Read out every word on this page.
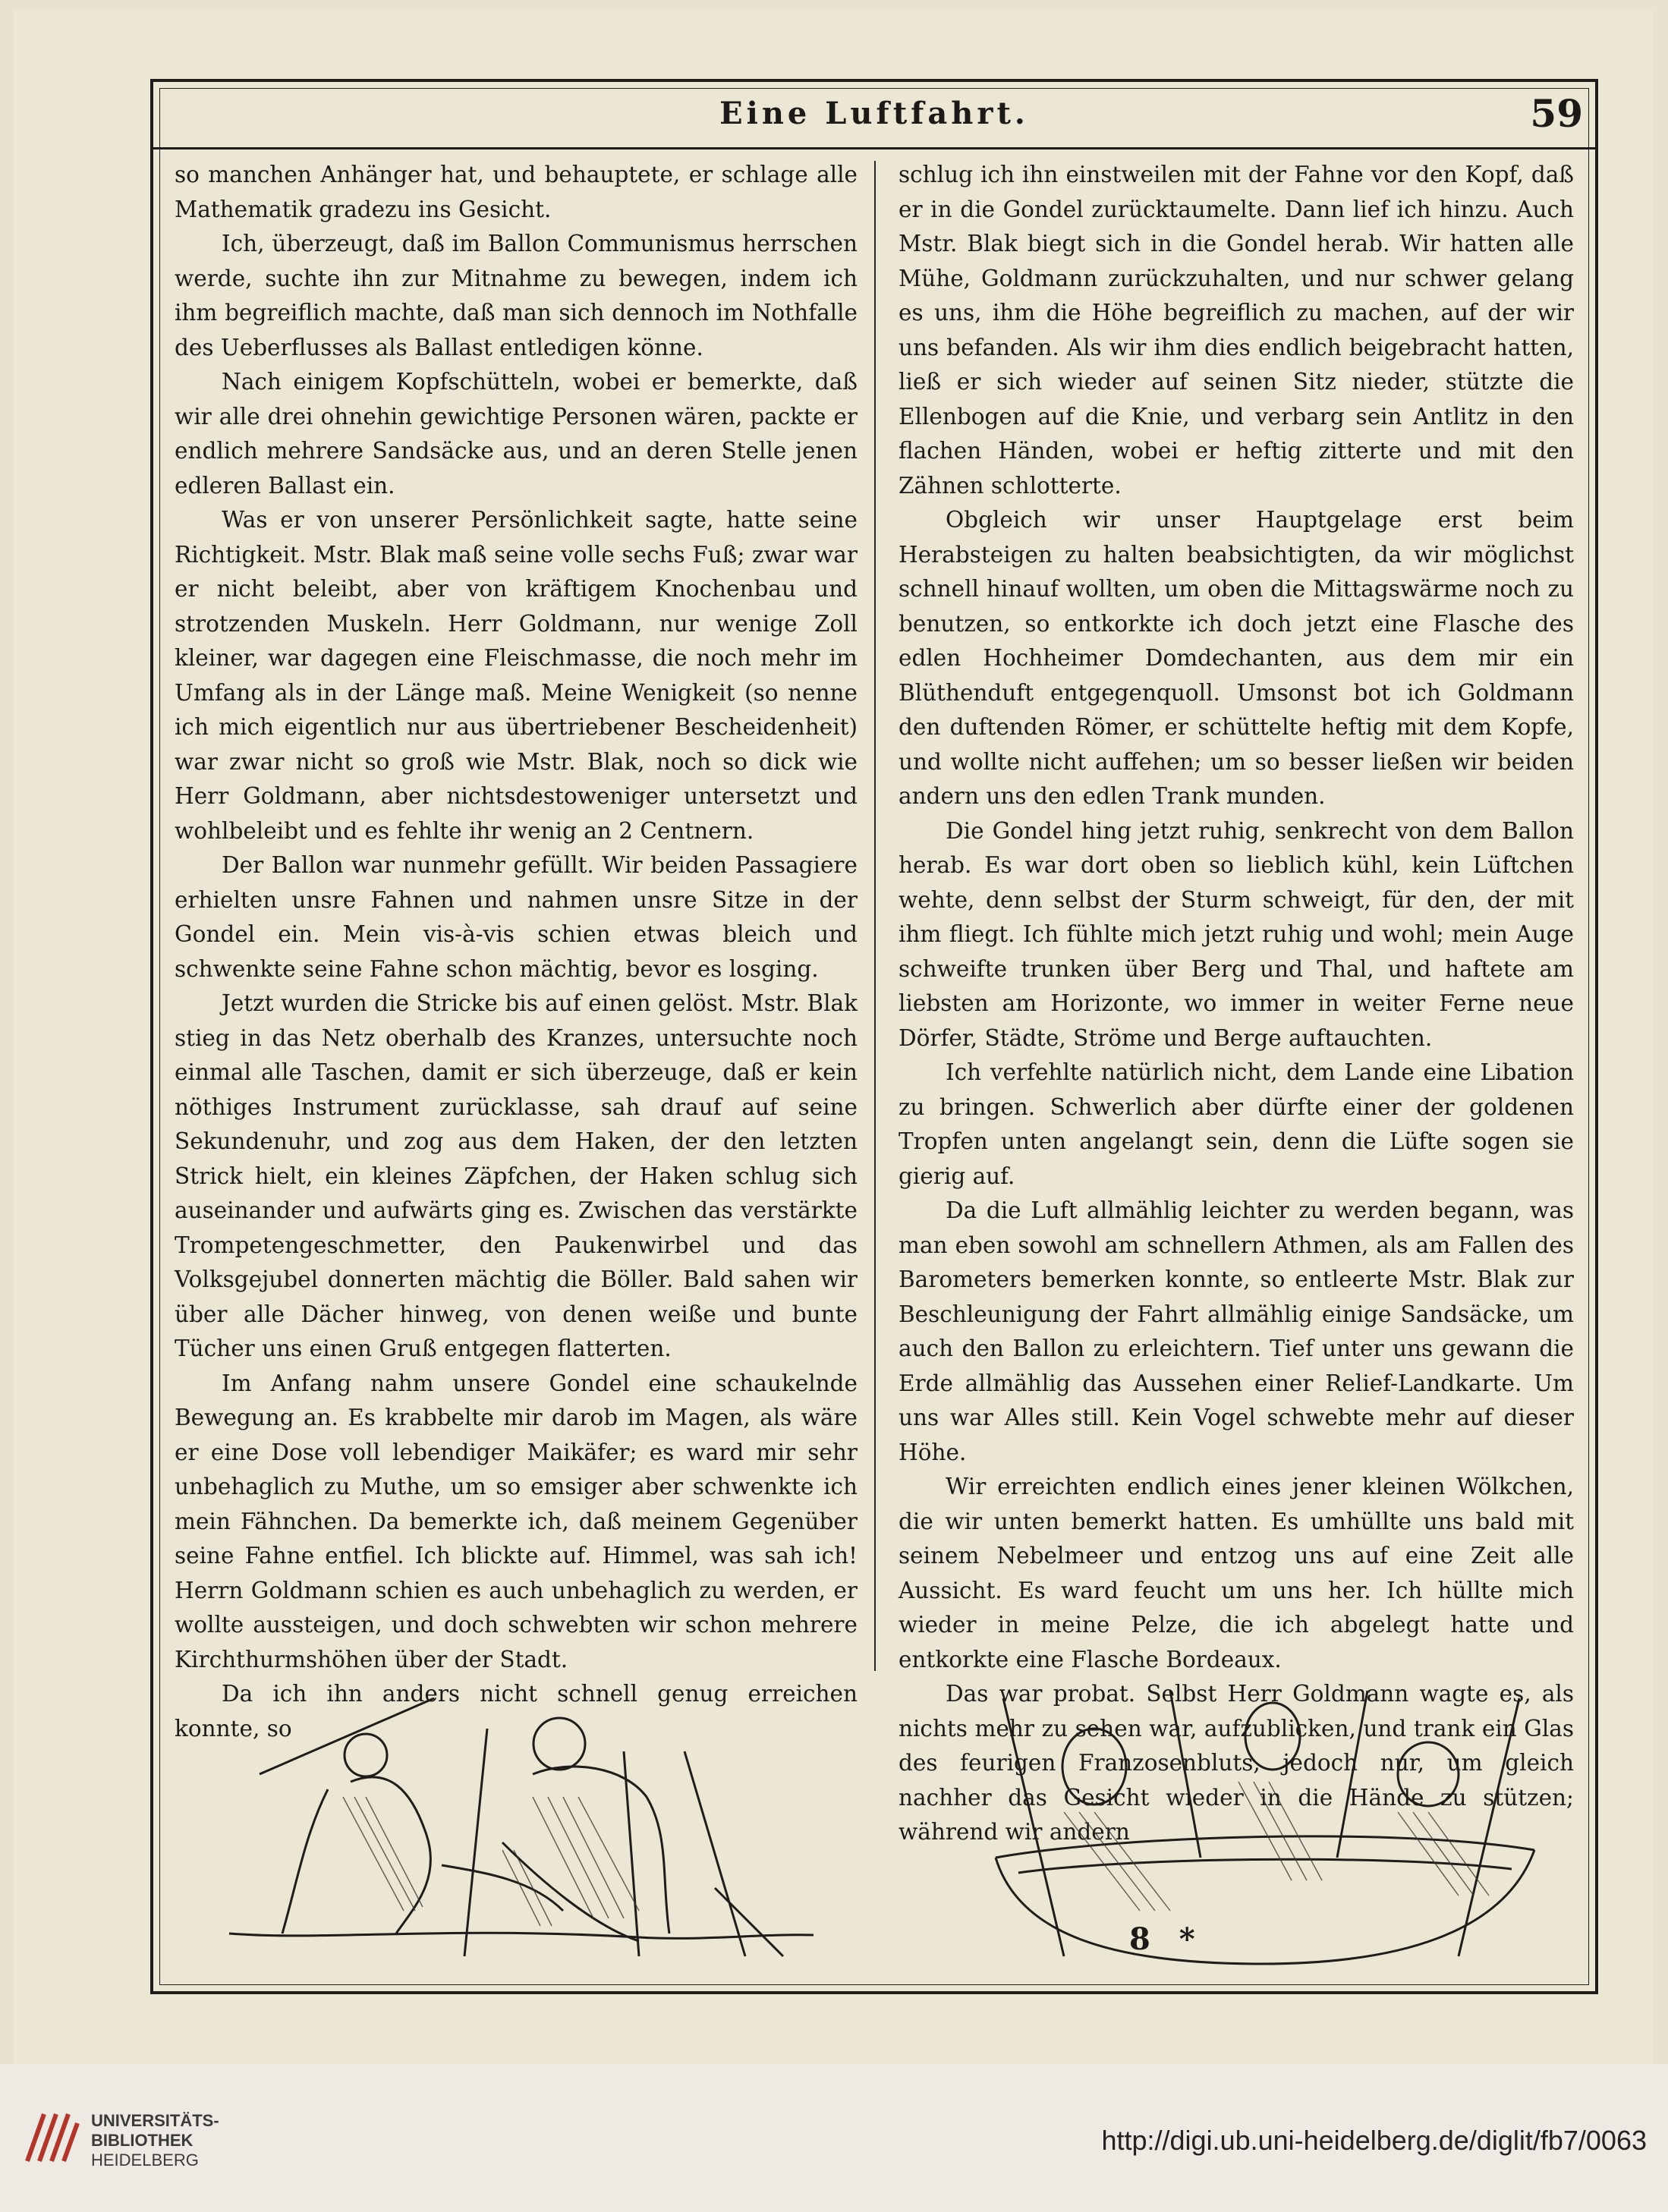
Eine Luftfahrt.	59

so manchen Anhänger hat, und behauptete, er schlage alle Mathematik gradezu ins Gesicht.

Ich, überzeugt, daß im Ballon Communismus herrschen werde, suchte ihn zur Mitnahme zu bewegen, indem ich ihm begreiflich machte, daß man sich dennoch im Nothfalle des Ueberflusses als Ballast entledigen könne.

Nach einigem Kopfschütteln, wobei er bemerkte, daß wir alle drei ohnehin gewichtige Personen wären, packte er endlich mehrere Sandsäcke aus, und an deren Stelle jenen edleren Ballast ein.

Was er von unserer Persönlichkeit sagte, hatte seine Richtigkeit. Mstr. Blak maß seine volle sechs Fuß; zwar war er nicht beleibt, aber von kräftigem Knochenbau und strotzenden Muskeln. Herr Goldmann, nur wenige Zoll kleiner, war dagegen eine Fleischmasse, die noch mehr im Umfang als in der Länge maß. Meine Wenigkeit (so nenne ich mich eigentlich nur aus übertriebener Bescheidenheit) war zwar nicht so groß wie Mstr. Blak, noch so dick wie Herr Goldmann, aber nichtsdestoweniger untersetzt und wohlbeleibt und es fehlte ihr wenig an 2 Centnern.

Der Ballon war nunmehr gefüllt. Wir beiden Passagiere erhielten unsre Fahnen und nahmen unsre Sitze in der Gondel ein. Mein vis-à-vis schien etwas bleich und schwenkte seine Fahne schon mächtig, bevor es losging.

Jetzt wurden die Stricke bis auf einen gelöst. Mstr. Blak stieg in das Netz oberhalb des Kranzes, untersuchte noch einmal alle Taschen, damit er sich überzeuge, daß er kein nöthiges Instrument zurücklasse, sah drauf auf seine Sekundenuhr, und zog aus dem Haken, der den letzten Strick hielt, ein kleines Zäpfchen, der Haken schlug sich auseinander und aufwärts ging es. Zwischen das verstärkte Trompetengeschmetter, den Paukenwirbel und das Volksgejubel donnerten mächtig die Böller. Bald sahen wir über alle Dächer hinweg, von denen weiße und bunte Tücher uns einen Gruß entgegen flatterten.

Im Anfang nahm unsere Gondel eine schaukelnde Bewegung an. Es krabbelte mir darob im Magen, als wäre er eine Dose voll lebendiger Maikäfer; es ward mir sehr unbehaglich zu Muthe, um so emsiger aber schwenkte ich mein Fähnchen. Da bemerkte ich, daß meinem Gegenüber seine Fahne entfiel. Ich blickte auf. Himmel, was sah ich! Herrn Goldmann schien es auch unbehaglich zu werden, er wollte aussteigen, und doch schwebten wir schon mehrere Kirchthurmshöhen über der Stadt.

Da ich ihn anders nicht schnell genug erreichen konnte, so

schlug ich ihn einstweilen mit der Fahne vor den Kopf, daß er in die Gondel zurücktaumelte. Dann lief ich hinzu. Auch Mstr. Blak biegt sich in die Gondel herab. Wir hatten alle Mühe, Goldmann zurückzuhalten, und nur schwer gelang es uns, ihm die Höhe begreiflich zu machen, auf der wir uns befanden. Als wir ihm dies endlich beigebracht hatten, ließ er sich wieder auf seinen Sitz nieder, stützte die Ellenbogen auf die Knie, und verbarg sein Antlitz in den flachen Händen, wobei er heftig zitterte und mit den Zähnen schlotterte.

Obgleich wir unser Hauptgelage erst beim Herabsteigen zu halten beabsichtigten, da wir möglichst schnell hinauf wollten, um oben die Mittagswärme noch zu benutzen, so entkorkte ich doch jetzt eine Flasche des edlen Hochheimer Domdechanten, aus dem mir ein Blüthenduft entgegenquoll. Umsonst bot ich Goldmann den duftenden Römer, er schüttelte heftig mit dem Kopfe, und wollte nicht auffehen; um so besser ließen wir beiden andern uns den edlen Trank munden.

Die Gondel hing jetzt ruhig, senkrecht von dem Ballon herab. Es war dort oben so lieblich kühl, kein Lüftchen wehte, denn selbst der Sturm schweigt, für den, der mit ihm fliegt. Ich fühlte mich jetzt ruhig und wohl; mein Auge schweifte trunken über Berg und Thal, und haftete am liebsten am Horizonte, wo immer in weiter Ferne neue Dörfer, Städte, Ströme und Berge auftauchten.

Ich verfehlte natürlich nicht, dem Lande eine Libation zu bringen. Schwerlich aber dürfte einer der goldenen Tropfen unten angelangt sein, denn die Lüfte sogen sie gierig auf.

Da die Luft allmählig leichter zu werden begann, was man eben sowohl am schnellern Athmen, als am Fallen des Barometers bemerken konnte, so entleerte Mstr. Blak zur Beschleunigung der Fahrt allmählig einige Sandsäcke, um auch den Ballon zu erleichtern. Tief unter uns gewann die Erde allmählig das Aussehen einer Relief-Landkarte. Um uns war Alles still. Kein Vogel schwebte mehr auf dieser Höhe.

Wir erreichten endlich eines jener kleinen Wölkchen, die wir unten bemerkt hatten. Es umhüllte uns bald mit seinem Nebelmeer und entzog uns auf eine Zeit alle Aussicht. Es ward feucht um uns her. Ich hüllte mich wieder in meine Pelze, die ich abgelegt hatte und entkorkte eine Flasche Bordeaux.

Das war probat. Selbst Herr Goldmann wagte es, als nichts mehr zu sehen war, aufzublicken, und trank ein Glas des feurigen Franzosenbluts, jedoch nur, um gleich nachher das Gesicht wieder in die Hände zu stützen; während wir andern

8 *
UNIVERSITÄTS-
BIBLIOTHEK
HEIDELBERG
http://digi.ub.uni-heidelberg.de/diglit/fb7/0063
